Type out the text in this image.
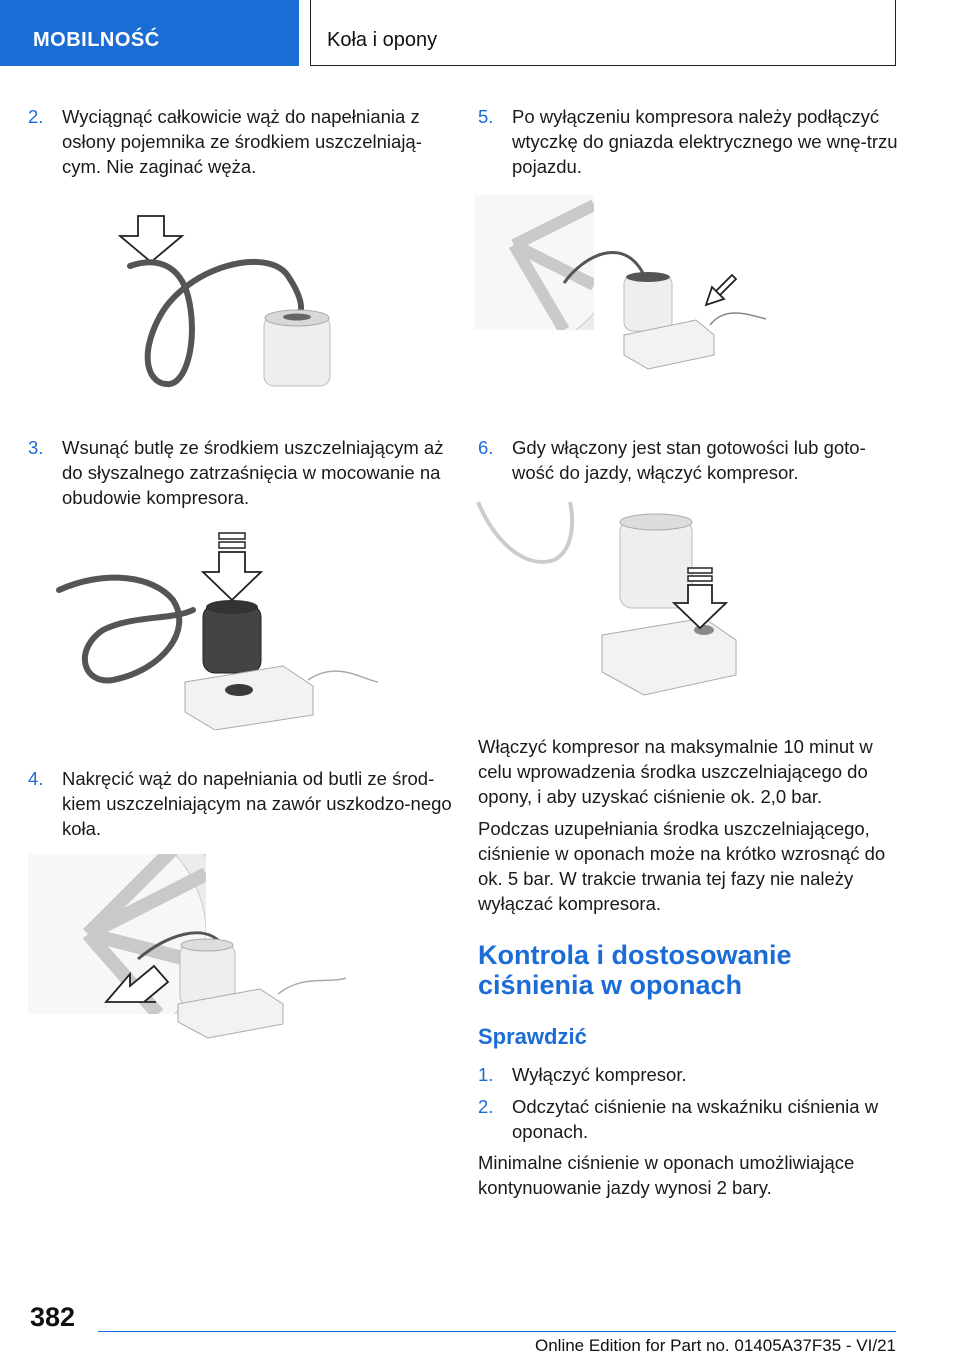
MOBILNOŚĆ	Koła i opony
2. Wyciągnąć całkowicie wąż do napełniania z osłony pojemnika ze środkiem uszczelniają-cym. Nie zaginać węża.
3. Wsunąć butlę ze środkiem uszczelniającym aż do słyszalnego zatrzaśnięcia w mocowanie na obudowie kompresora.
4. Nakręcić wąż do napełniania od butli ze środ-kiem uszczelniającym na zawór uszkodzo-nego koła.
5. Po wyłączeniu kompresora należy podłączyć wtyczkę do gniazda elektrycznego we wnę-trzu pojazdu.
6. Gdy włączony jest stan gotowości lub goto-wość do jazdy, włączyć kompresor.
Włączyć kompresor na maksymalnie 10 minut w celu wprowadzenia środka uszczelniającego do opony, i aby uzyskać ciśnienie ok. 2,0 bar.
Podczas uzupełniania środka uszczelniającego, ciśnienie w oponach może na krótko wzrosnąć do ok. 5 bar. W trakcie trwania tej fazy nie należy wyłączać kompresora.
Kontrola i dostosowanie ciśnienia w oponach
Sprawdzić
1. Wyłączyć kompresor.
2. Odczytać ciśnienie na wskaźniku ciśnienia w oponach.
Minimalne ciśnienie w oponach umożliwiające kontynuowanie jazdy wynosi 2 bary.
382
Online Edition for Part no. 01405A37F35 - VI/21
